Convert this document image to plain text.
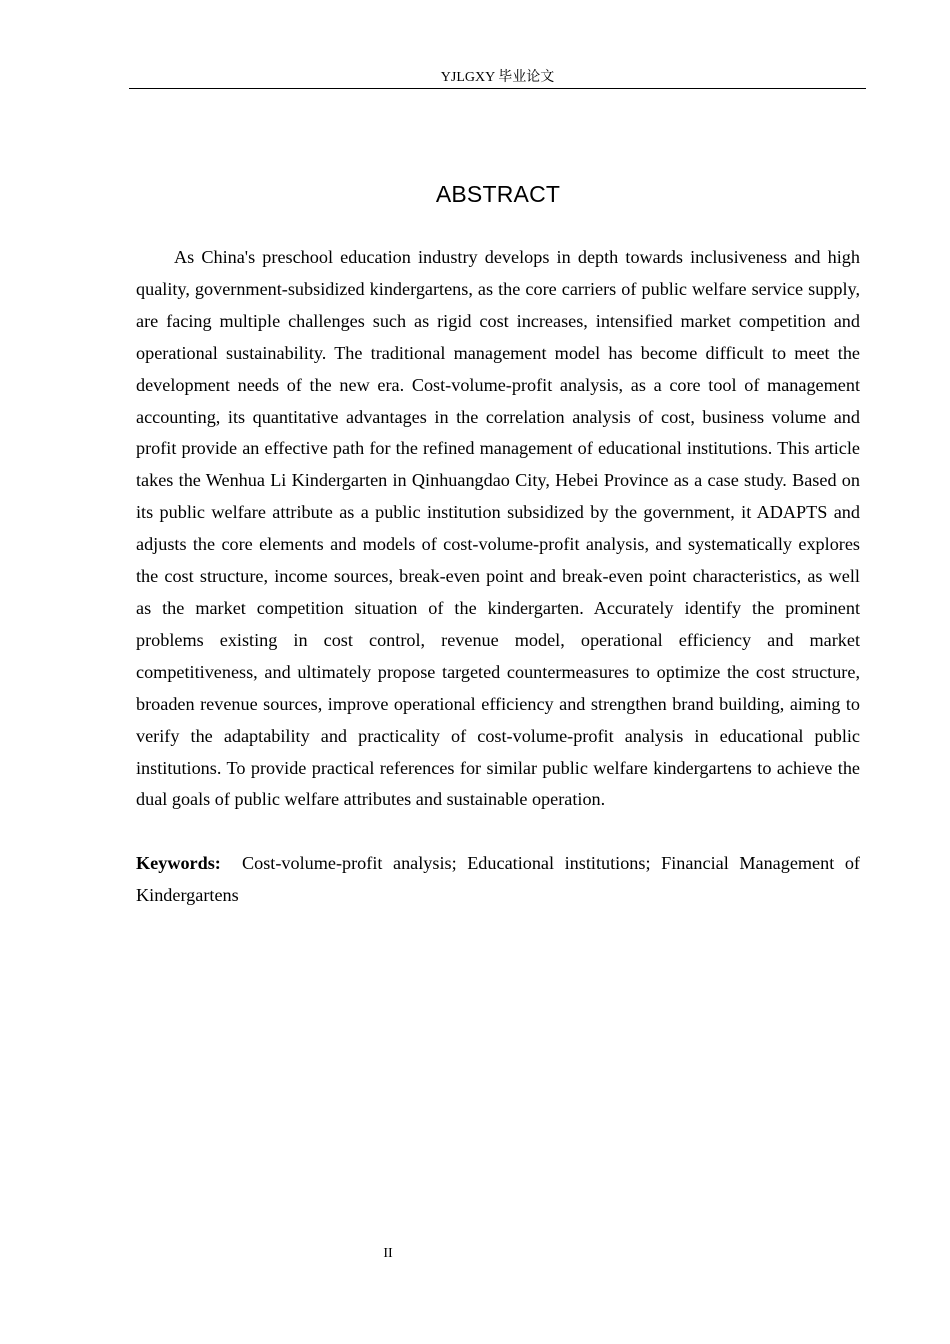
YJLGXY 毕业论文
ABSTRACT

As China's preschool education industry develops in depth towards inclusiveness and high quality, government-subsidized kindergartens, as the core carriers of public welfare service supply, are facing multiple challenges such as rigid cost increases, intensified market competition and operational sustainability. The traditional management model has become difficult to meet the development needs of the new era. Cost-volume-profit analysis, as a core tool of management accounting, its quantitative advantages in the correlation analysis of cost, business volume and profit provide an effective path for the refined management of educational institutions. This article takes the Wenhua Li Kindergarten in Qinhuangdao City, Hebei Province as a case study. Based on its public welfare attribute as a public institution subsidized by the government, it ADAPTS and adjusts the core elements and models of cost-volume-profit analysis, and systematically explores the cost structure, income sources, break-even point and break-even point characteristics, as well as the market competition situation of the kindergarten. Accurately identify the prominent problems existing in cost control, revenue model, operational efficiency and market competitiveness, and ultimately propose targeted countermeasures to optimize the cost structure, broaden revenue sources, improve operational efficiency and strengthen brand building, aiming to verify the adaptability and practicality of cost-volume-profit analysis in educational public institutions. To provide practical references for similar public welfare kindergartens to achieve the dual goals of public welfare attributes and sustainable operation.

Keywords: Cost-volume-profit analysis; Educational institutions; Financial Management of Kindergartens

II
